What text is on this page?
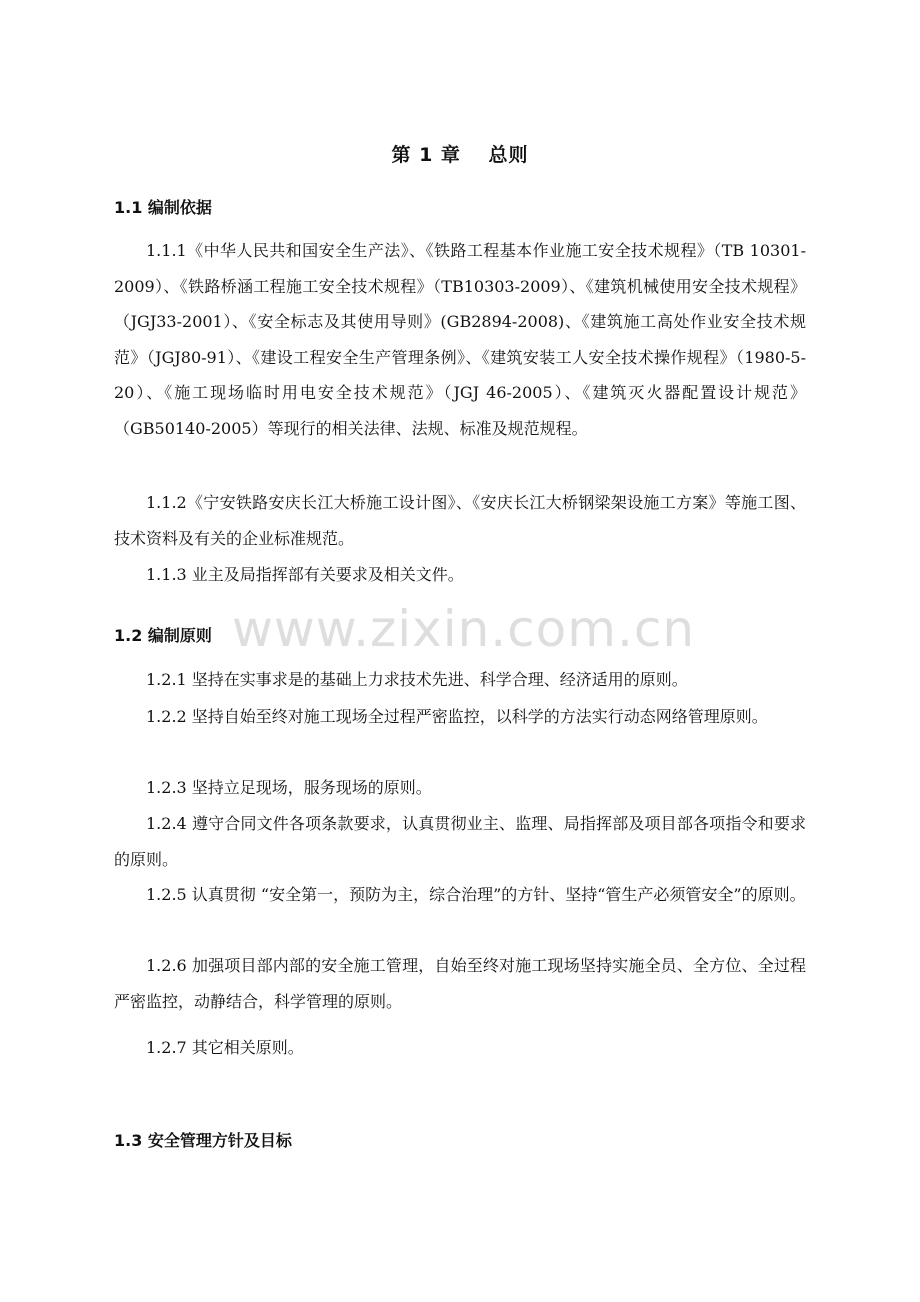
第 1 章　 总则
1.1 编制依据

1.1.1《中华人民共和国安全生产法》、《铁路工程基本作业施工安全技术规程》（TB 10301-2009）、《铁路桥涵工程施工安全技术规程》（TB10303-2009）、《建筑机械使用安全技术规程》（JGJ33-2001）、《安全标志及其使用导则》(GB2894-2008)、《建筑施工高处作业安全技术规范》（JGJ80-91）、《建设工程安全生产管理条例》、《建筑安装工人安全技术操作规程》（1980-5-20）、《施工现场临时用电安全技术规范》（JGJ 46-2005）、《建筑灭火器配置设计规范》（GB50140-2005）等现行的相关法律、法规、标准及规范规程。

1.1.2《宁安铁路安庆长江大桥施工设计图》、《安庆长江大桥钢梁架设施工方案》等施工图、技术资料及有关的企业标准规范。

1.1.3 业主及局指挥部有关要求及相关文件。

1.2 编制原则

1.2.1 坚持在实事求是的基础上力求技术先进、科学合理、经济适用的原则。

1.2.2 坚持自始至终对施工现场全过程严密监控，以科学的方法实行动态网络管理原则。

1.2.3 坚持立足现场，服务现场的原则。

1.2.4 遵守合同文件各项条款要求，认真贯彻业主、监理、局指挥部及项目部各项指令和要求的原则。

1.2.5 认真贯彻 “安全第一，预防为主，综合治理”的方针、坚持“管生产必须管安全”的原则。

1.2.6 加强项目部内部的安全施工管理，自始至终对施工现场坚持实施全员、全方位、全过程严密监控，动静结合，科学管理的原则。

1.2.7 其它相关原则。

1.3 安全管理方针及目标
www.zixin.com.cn
